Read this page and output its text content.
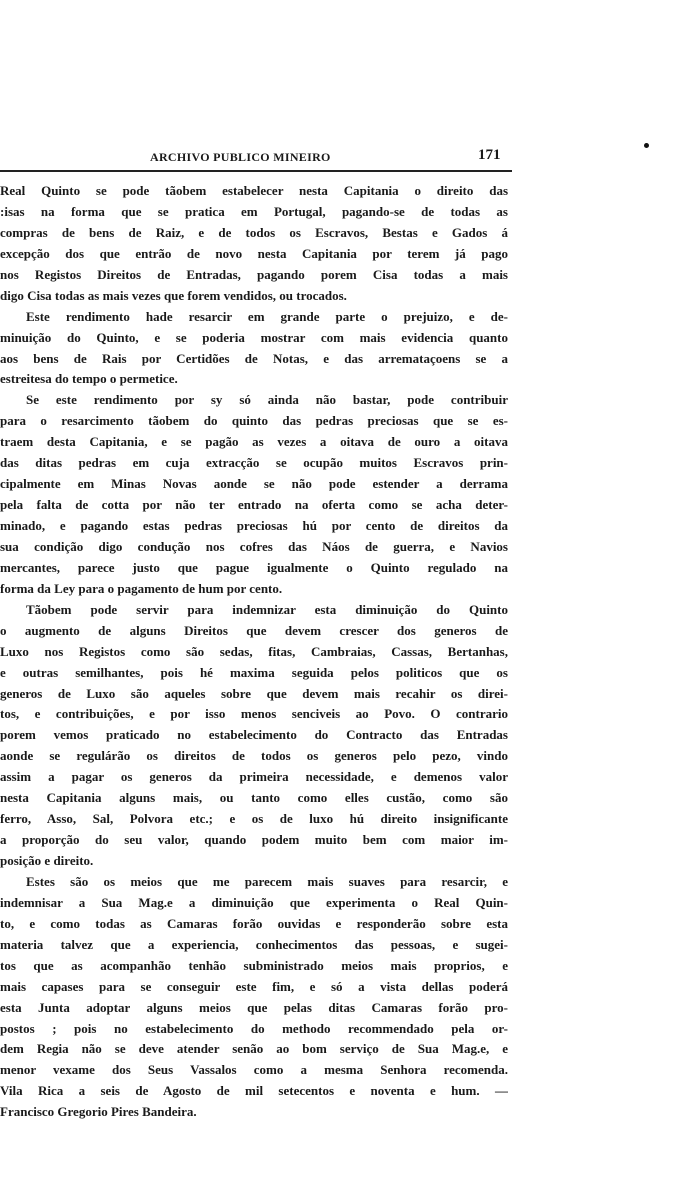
ARCHIVO PUBLICO MINEIRO	171
Real Quinto se pode tãobem estabelecer nesta Capitania o direito das
:isas na forma que se pratica em Portugal, pagando-se de todas as
compras de bens de Raiz, e de todos os Escravos, Bestas e Gados á
excepção dos que entrão de novo nesta Capitania por terem já pago
nos Registos Direitos de Entradas, pagando porem Cisa todas a mais
digo Cisa todas as mais vezes que forem vendidos, ou trocados.
Este rendimento hade resarcir em grande parte o prejuizo, e de-
minuição do Quinto, e se poderia mostrar com mais evidencia quanto
aos bens de Rais por Certidões de Notas, e das arremataçoens se a
estreitesa do tempo o permetice.
Se este rendimento por sy só ainda não bastar, pode contribuir
para o resarcimento tãobem do quinto das pedras preciosas que se es-
traem desta Capitania, e se pagão as vezes a oitava de ouro a oitava
das ditas pedras em cuja extracção se ocupão muitos Escravos prin-
cipalmente em Minas Novas aonde se não pode estender a derrama
pela falta de cotta por não ter entrado na oferta como se acha deter-
minado, e pagando estas pedras preciosas hú por cento de direitos da
sua condição digo condução nos cofres das Náos de guerra, e Navios
mercantes, parece justo que pague igualmente o Quinto regulado na
forma da Ley para o pagamento de hum por cento.
Tãobem pode servir para indemnizar esta diminuição do Quinto
o augmento de alguns Direitos que devem crescer dos generos de
Luxo nos Registos como são sedas, fitas, Cambraias, Cassas, Bertanhas,
e outras semilhantes, pois hé maxima seguida pelos politicos que os
generos de Luxo são aqueles sobre que devem mais recahir os direi-
tos, e contribuições, e por isso menos senciveis ao Povo. O contrario
porem vemos praticado no estabelecimento do Contracto das Entradas
aonde se regulárão os direitos de todos os generos pelo pezo, vindo
assim a pagar os generos da primeira necessidade, e demenos valor
nesta Capitania alguns mais, ou tanto como elles custão, como são
ferro, Asso, Sal, Polvora etc.; e os de luxo hú direito insignificante
a proporção do seu valor, quando podem muito bem com maior im-
posição e direito.
Estes são os meios que me parecem mais suaves para resarcir, e
indemnisar a Sua Mag.e a diminuição que experimenta o Real Quin-
to, e como todas as Camaras forão ouvidas e responderão sobre esta
materia talvez que a experiencia, conhecimentos das pessoas, e sugei-
tos que as acompanhão tenhão subministrado meios mais proprios, e
mais capases para se conseguir este fim, e só a vista dellas poderá
esta Junta adoptar alguns meios que pelas ditas Camaras forão pro-
postos ; pois no estabelecimento do methodo recommendado pela or-
dem Regia não se deve atender senão ao bom serviço de Sua Mag.e, e
menor vexame dos Seus Vassalos como a mesma Senhora recomenda.
Vila Rica a seis de Agosto de mil setecentos e noventa e hum. —
Francisco Gregorio Pires Bandeira.
